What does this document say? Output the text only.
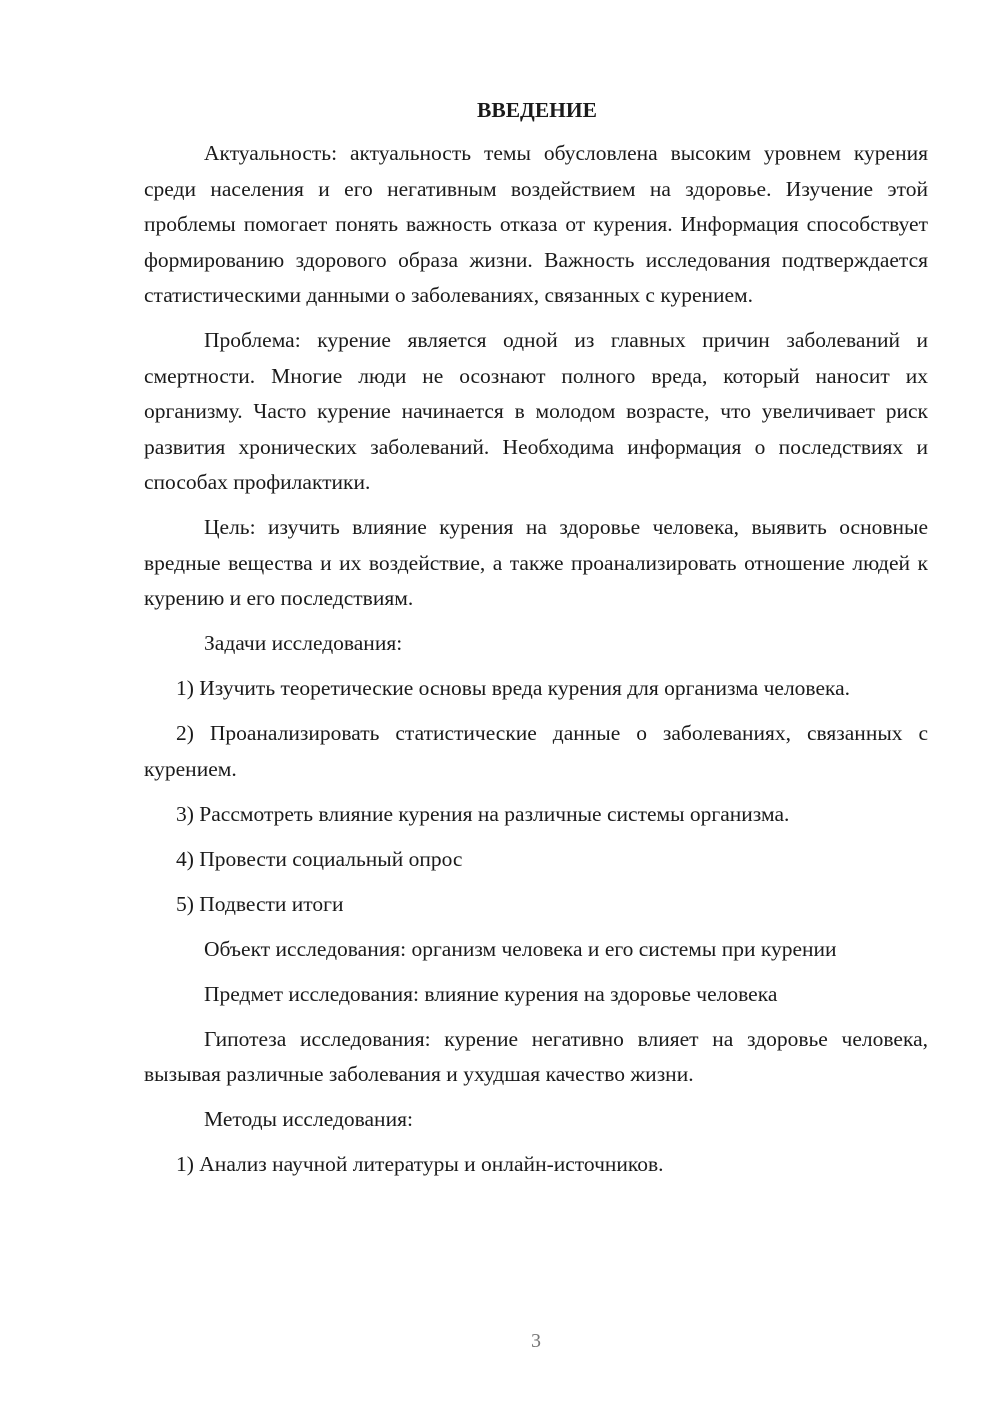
ВВЕДЕНИЕ

Актуальность: актуальность темы обусловлена высоким уровнем курения среди населения и его негативным воздействием на здоровье. Изучение этой проблемы помогает понять важность отказа от курения. Информация способствует формированию здорового образа жизни. Важность исследования подтверждается статистическими данными о заболеваниях, связанных с курением.

Проблема: курение является одной из главных причин заболеваний и смертности. Многие люди не осознают полного вреда, который наносит их организму. Часто курение начинается в молодом возрасте, что увеличивает риск развития хронических заболеваний. Необходима информация о последствиях и способах профилактики.

Цель: изучить влияние курения на здоровье человека, выявить основные вредные вещества и их воздействие, а также проанализировать отношение людей к курению и его последствиям.

Задачи исследования:

1) Изучить теоретические основы вреда курения для организма человека.

2) Проанализировать статистические данные о заболеваниях, связанных с курением.

3) Рассмотреть влияние курения на различные системы организма.

4) Провести социальный опрос

5) Подвести итоги

Объект исследования: организм человека и его системы при курении

Предмет исследования: влияние курения на здоровье человека

Гипотеза исследования: курение негативно влияет на здоровье человека, вызывая различные заболевания и ухудшая качество жизни.

Методы исследования:

1) Анализ научной литературы и онлайн-источников.

3
